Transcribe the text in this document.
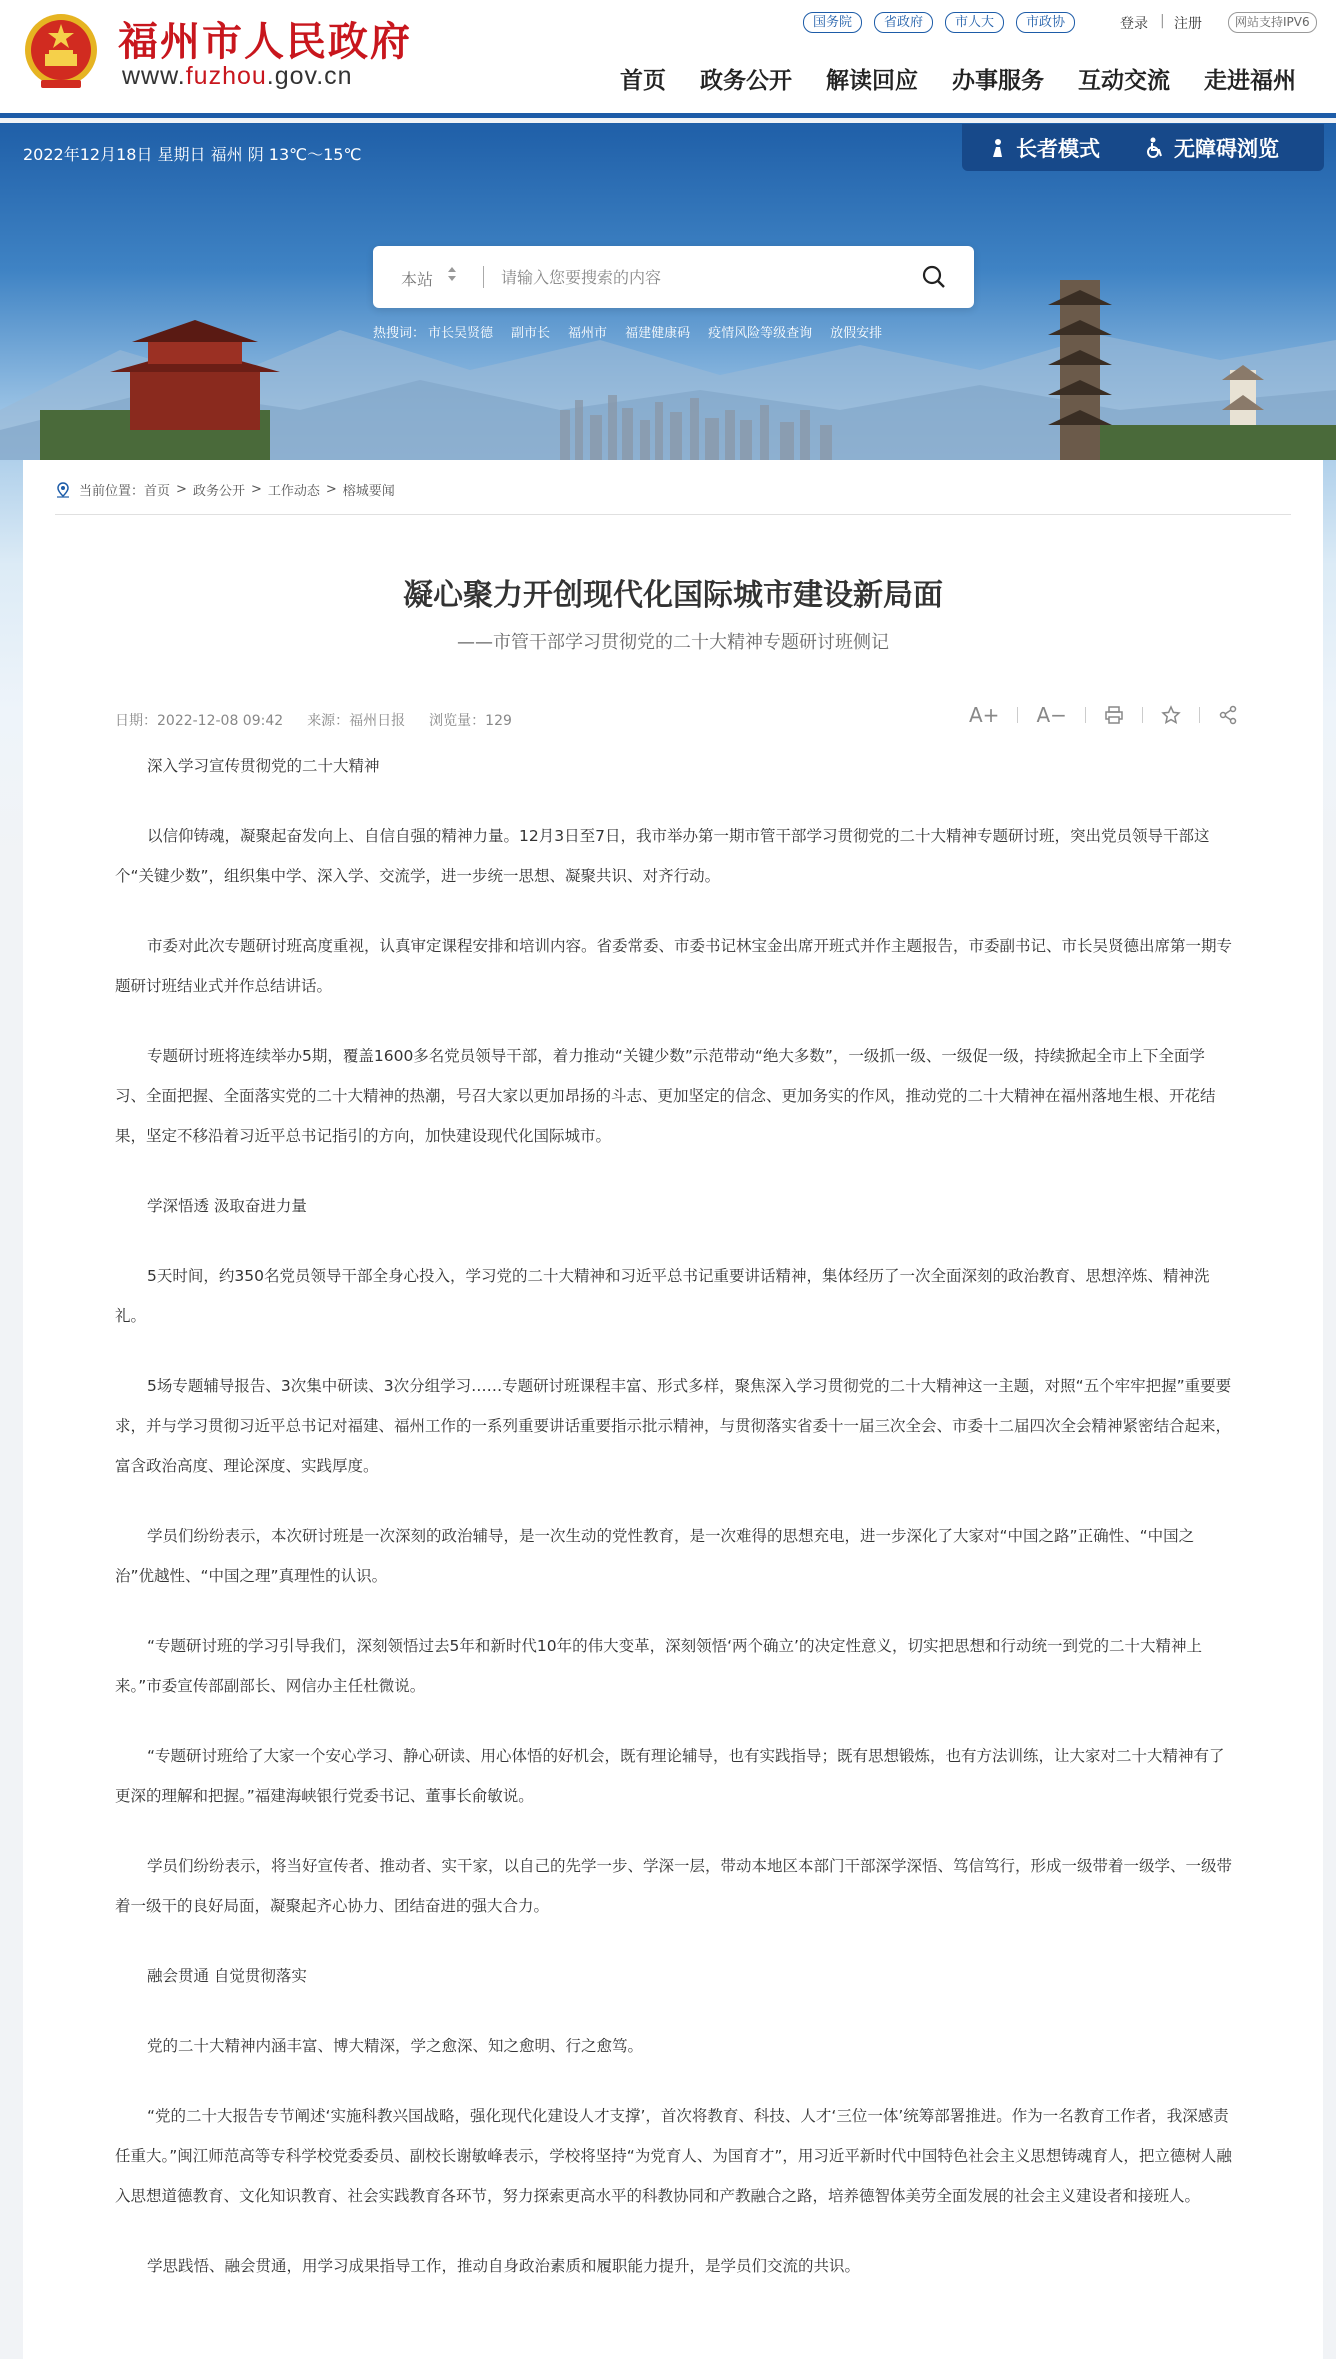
福州市人民政府
www.fuzhou.gov.cn
国务院	省政府	市人大	市政协	登录 | 注册	网站支持IPV6
首页 政务公开 解读回应 办事服务 互动交流 走进福州
2022年12月18日 星期日 福州 阴 13℃～15℃	长者模式	无障碍浏览
本站
请输入您要搜索的内容
热搜词： 市长吴贤德 副市长 福州市 福建健康码 疫情风险等级查询 放假安排
当前位置： 首页 > 政务公开 > 工作动态 > 榕城要闻
凝心聚力开创现代化国际城市建设新局面
——市管干部学习贯彻党的二十大精神专题研讨班侧记
日期：2022-12-08 09:42 来源：福州日报 浏览量：129	A+ A−

深入学习宣传贯彻党的二十大精神

以信仰铸魂，凝聚起奋发向上、自信自强的精神力量。12月3日至7日，我市举办第一期市管干部学习贯彻党的二十大精神专题研讨班，突出党员领导干部这个“关键少数”，组织集中学、深入学、交流学，进一步统一思想、凝聚共识、对齐行动。

市委对此次专题研讨班高度重视，认真审定课程安排和培训内容。省委常委、市委书记林宝金出席开班式并作主题报告，市委副书记、市长吴贤德出席第一期专题研讨班结业式并作总结讲话。

专题研讨班将连续举办5期，覆盖1600多名党员领导干部，着力推动“关键少数”示范带动“绝大多数”，一级抓一级、一级促一级，持续掀起全市上下全面学习、全面把握、全面落实党的二十大精神的热潮，号召大家以更加昂扬的斗志、更加坚定的信念、更加务实的作风，推动党的二十大精神在福州落地生根、开花结果，坚定不移沿着习近平总书记指引的方向，加快建设现代化国际城市。

学深悟透 汲取奋进力量

5天时间，约350名党员领导干部全身心投入，学习党的二十大精神和习近平总书记重要讲话精神，集体经历了一次全面深刻的政治教育、思想淬炼、精神洗礼。

5场专题辅导报告、3次集中研读、3次分组学习……专题研讨班课程丰富、形式多样，聚焦深入学习贯彻党的二十大精神这一主题，对照“五个牢牢把握”重要要求，并与学习贯彻习近平总书记对福建、福州工作的一系列重要讲话重要指示批示精神，与贯彻落实省委十一届三次全会、市委十二届四次全会精神紧密结合起来，富含政治高度、理论深度、实践厚度。

学员们纷纷表示，本次研讨班是一次深刻的政治辅导，是一次生动的党性教育，是一次难得的思想充电，进一步深化了大家对“中国之路”正确性、“中国之治”优越性、“中国之理”真理性的认识。

“专题研讨班的学习引导我们，深刻领悟过去5年和新时代10年的伟大变革，深刻领悟‘两个确立’的决定性意义，切实把思想和行动统一到党的二十大精神上来。”市委宣传部副部长、网信办主任杜微说。

“专题研讨班给了大家一个安心学习、静心研读、用心体悟的好机会，既有理论辅导，也有实践指导；既有思想锻炼，也有方法训练，让大家对二十大精神有了更深的理解和把握。”福建海峡银行党委书记、董事长俞敏说。

学员们纷纷表示，将当好宣传者、推动者、实干家，以自己的先学一步、学深一层，带动本地区本部门干部深学深悟、笃信笃行，形成一级带着一级学、一级带着一级干的良好局面，凝聚起齐心协力、团结奋进的强大合力。

融会贯通 自觉贯彻落实

党的二十大精神内涵丰富、博大精深，学之愈深、知之愈明、行之愈笃。

“党的二十大报告专节阐述‘实施科教兴国战略，强化现代化建设人才支撑’，首次将教育、科技、人才‘三位一体’统筹部署推进。作为一名教育工作者，我深感责任重大。”闽江师范高等专科学校党委委员、副校长谢敏峰表示，学校将坚持“为党育人、为国育才”，用习近平新时代中国特色社会主义思想铸魂育人，把立德树人融入思想道德教育、文化知识教育、社会实践教育各环节，努力探索更高水平的科教协同和产教融合之路，培养德智体美劳全面发展的社会主义建设者和接班人。

学思践悟、融会贯通，用学习成果指导工作，推动自身政治素质和履职能力提升，是学员们交流的共识。
